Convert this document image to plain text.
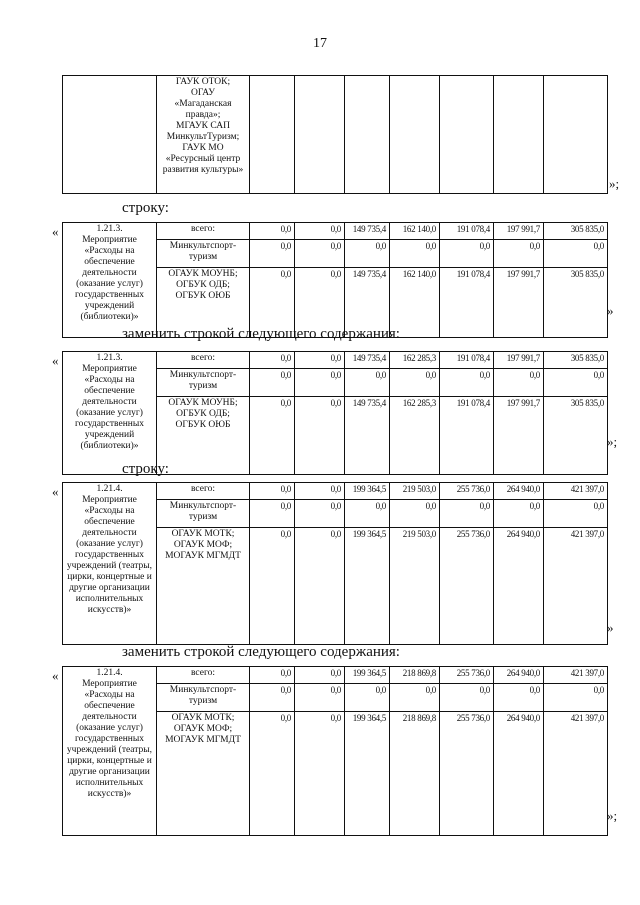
17
	ГАУК ОТОК;
ОГАУ
«Магаданская правда»;
МГАУК САП
МинкультТуризм;
ГАУК МО
«Ресурсный центр развития культуры»							
»;
строку:
«	1.21.3.
Мероприятие «Расходы на обеспечение деятельности (оказание услуг) государственных учреждений (библиотеки)»	всего:	0,0	0,0	149 735,4	162 140,0	191 078,4	197 991,7	305 835,0
	Минкультспорт-туризм	0,0	0,0	0,0	0,0	0,0	0,0	0,0
	ОГАУК МОУНБ;
ОГБУК ОДБ;
ОГБУК ОЮБ	0,0	0,0	149 735,4	162 140,0	191 078,4	197 991,7	305 835,0
»
«	1.21.3.
Мероприятие «Расходы на обеспечение деятельности (оказание услуг) государственных учреждений (библиотеки)»	всего:	0,0	0,0	149 735,4	162 285,3	191 078,4	197 991,7	305 835,0
	Минкультспорт-туризм	0,0	0,0	0,0	0,0	0,0	0,0	0,0
	ОГАУК МОУНБ;
ОГБУК ОДБ;
ОГБУК ОЮБ	0,0	0,0	149 735,4	162 285,3	191 078,4	197 991,7	305 835,0
»;
«	1.21.4.
Мероприятие «Расходы на обеспечение деятельности (оказание услуг) государственных учреждений (театры, цирки, концертные и другие организации исполнительных искусств)»	всего:	0,0	0,0	199 364,5	219 503,0	255 736,0	264 940,0	421 397,0
	Минкультспорт-туризм	0,0	0,0	0,0	0,0	0,0	0,0	0,0
	ОГАУК МОТК;
ОГАУК МОФ;
МОГАУК МГМДТ	0,0	0,0	199 364,5	219 503,0	255 736,0	264 940,0	421 397,0
»
«	1.21.4.
Мероприятие «Расходы на обеспечение деятельности (оказание услуг) государственных учреждений (театры, цирки, концертные и другие организации исполнительных искусств)»	всего:	0,0	0,0	199 364,5	218 869,8	255 736,0	264 940,0	421 397,0
	Минкультспорт-туризм	0,0	0,0	0,0	0,0	0,0	0,0	0,0
	ОГАУК МОТК;
ОГАУК МОФ;
МОГАУК МГМДТ	0,0	0,0	199 364,5	218 869,8	255 736,0	264 940,0	421 397,0
»;
заменить строкой следующего содержания:
строку:
заменить строкой следующего содержания:
